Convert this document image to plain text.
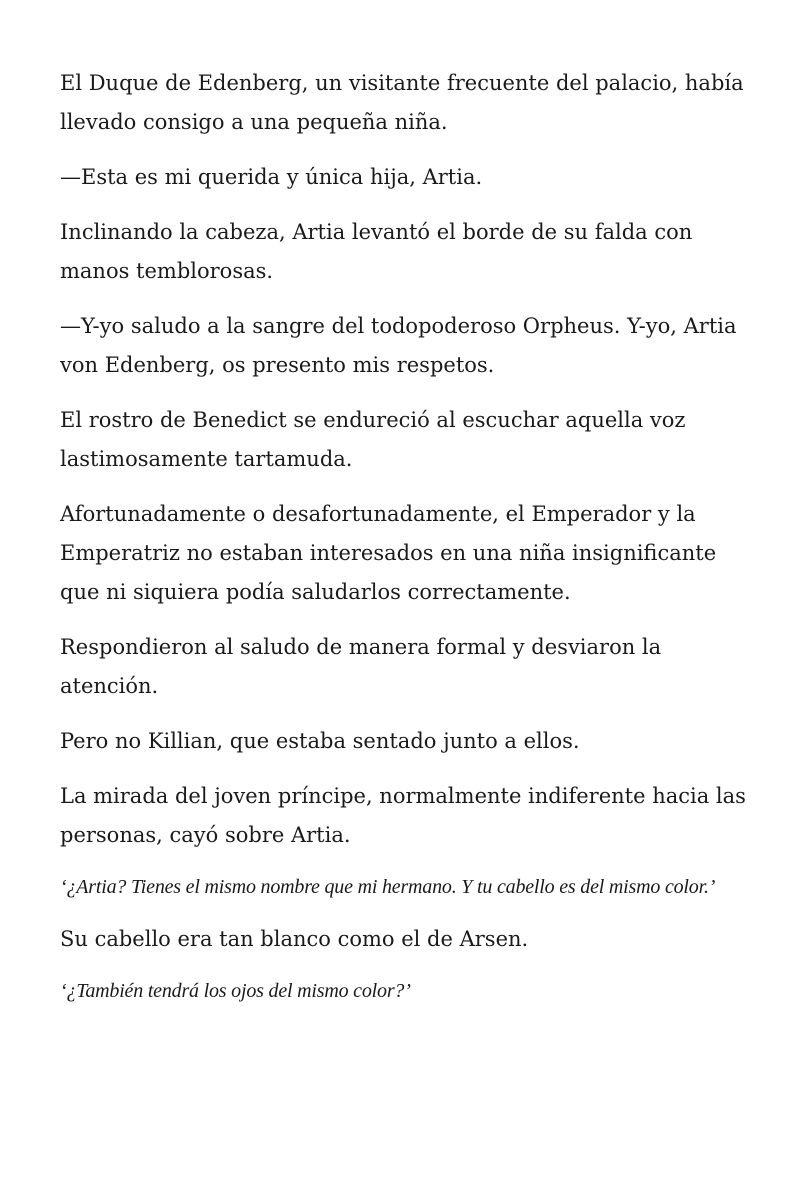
El Duque de Edenberg, un visitante frecuente del palacio, había llevado consigo a una pequeña niña.

—Esta es mi querida y única hija, Artia.

Inclinando la cabeza, Artia levantó el borde de su falda con manos temblorosas.

—Y-yo saludo a la sangre del todopoderoso Orpheus. Y-yo, Artia von Edenberg, os presento mis respetos.

El rostro de Benedict se endureció al escuchar aquella voz lastimosamente tartamuda.

Afortunadamente o desafortunadamente, el Emperador y la Emperatriz no estaban interesados en una niña insignificante que ni siquiera podía saludarlos correctamente.

Respondieron al saludo de manera formal y desviaron la atención.

Pero no Killian, que estaba sentado junto a ellos.

La mirada del joven príncipe, normalmente indiferente hacia las personas, cayó sobre Artia.

‘¿Artia? Tienes el mismo nombre que mi hermano. Y tu cabello es del mismo color.’

Su cabello era tan blanco como el de Arsen.

‘¿También tendrá los ojos del mismo color?’
